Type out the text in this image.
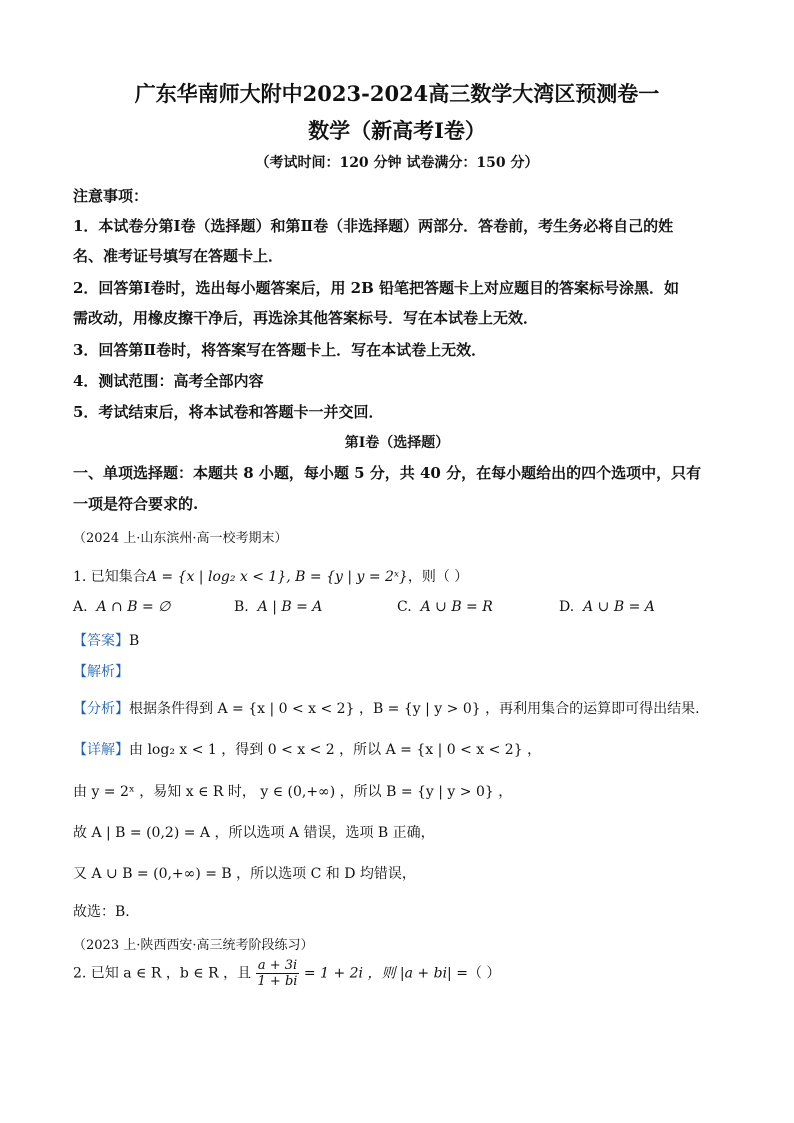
广东华南师大附中2023-2024高三数学大湾区预测卷一
数学（新高考I卷）
（考试时间：120 分钟 试卷满分：150 分）
注意事项：
1．本试卷分第Ⅰ卷（选择题）和第Ⅱ卷（非选择题）两部分．答卷前，考生务必将自己的姓
名、准考证号填写在答题卡上．
2．回答第Ⅰ卷时，选出每小题答案后，用 2B 铅笔把答题卡上对应题目的答案标号涂黑．如
需改动，用橡皮擦干净后，再选涂其他答案标号．写在本试卷上无效．
3．回答第Ⅱ卷时，将答案写在答题卡上．写在本试卷上无效．
4．测试范围：高考全部内容
5．考试结束后，将本试卷和答题卡一并交回．
第Ⅰ卷（选择题）
一、单项选择题：本题共 8 小题，每小题 5 分，共 40 分，在每小题给出的四个选项中，只有
一项是符合要求的.
（2024 上·山东滨州·高一校考期末）
1. 已知集合A = {x | log₂ x < 1}, B = {y | y = 2ˣ}，则（ ）
A. A ∩ B = ∅	B. A | B = A	C. A ∪ B = R	D. A ∪ B = A
【答案】B
【解析】
【分析】根据条件得到 A = {x | 0 < x < 2} ，B = {y | y > 0} ，再利用集合的运算即可得出结果.
【详解】由 log₂ x < 1 ，得到 0 < x < 2 ，所以 A = {x | 0 < x < 2} ，
由 y = 2ˣ ，易知 x ∈ R 时， y ∈ (0,+∞) ，所以 B = {y | y > 0} ，
故 A | B = (0,2) = A ，所以选项 A 错误，选项 B 正确，
又 A ∪ B = (0,+∞) = B ，所以选项 C 和 D 均错误，
故选：B.
（2023 上·陕西西安·高三统考阶段练习）
2. 已知 a ∈ R ，b ∈ R ，且 $\frac{a + 3i}{1 + bi} = 1 + 2i$ ，则 |a + bi| =（ ）
